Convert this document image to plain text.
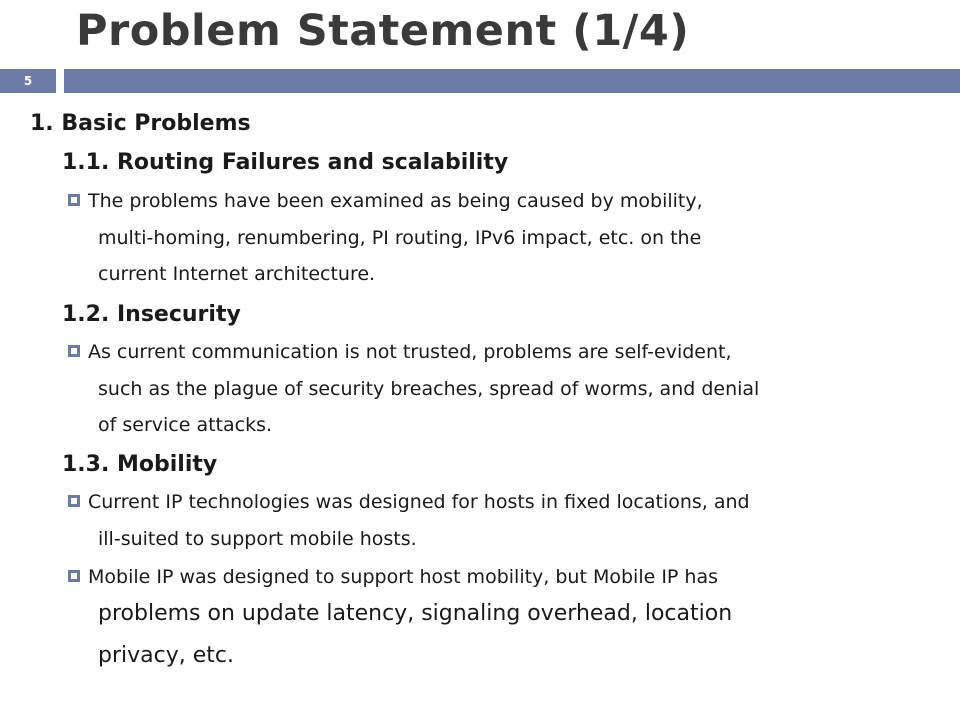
Problem Statement (1/4)
5
1. Basic Problems
1.1. Routing Failures and scalability
The problems have been examined as being caused by mobility,
multi-homing, renumbering, PI routing, IPv6 impact, etc. on the
current Internet architecture.
1.2. Insecurity
As current communication is not trusted, problems are self-evident,
such as the plague of security breaches, spread of worms, and denial
of service attacks.
1.3. Mobility
Current IP technologies was designed for hosts in fixed locations, and
ill-suited to support mobile hosts.
Mobile IP was designed to support host mobility, but Mobile IP has
problems on update latency, signaling overhead, location
privacy, etc.
